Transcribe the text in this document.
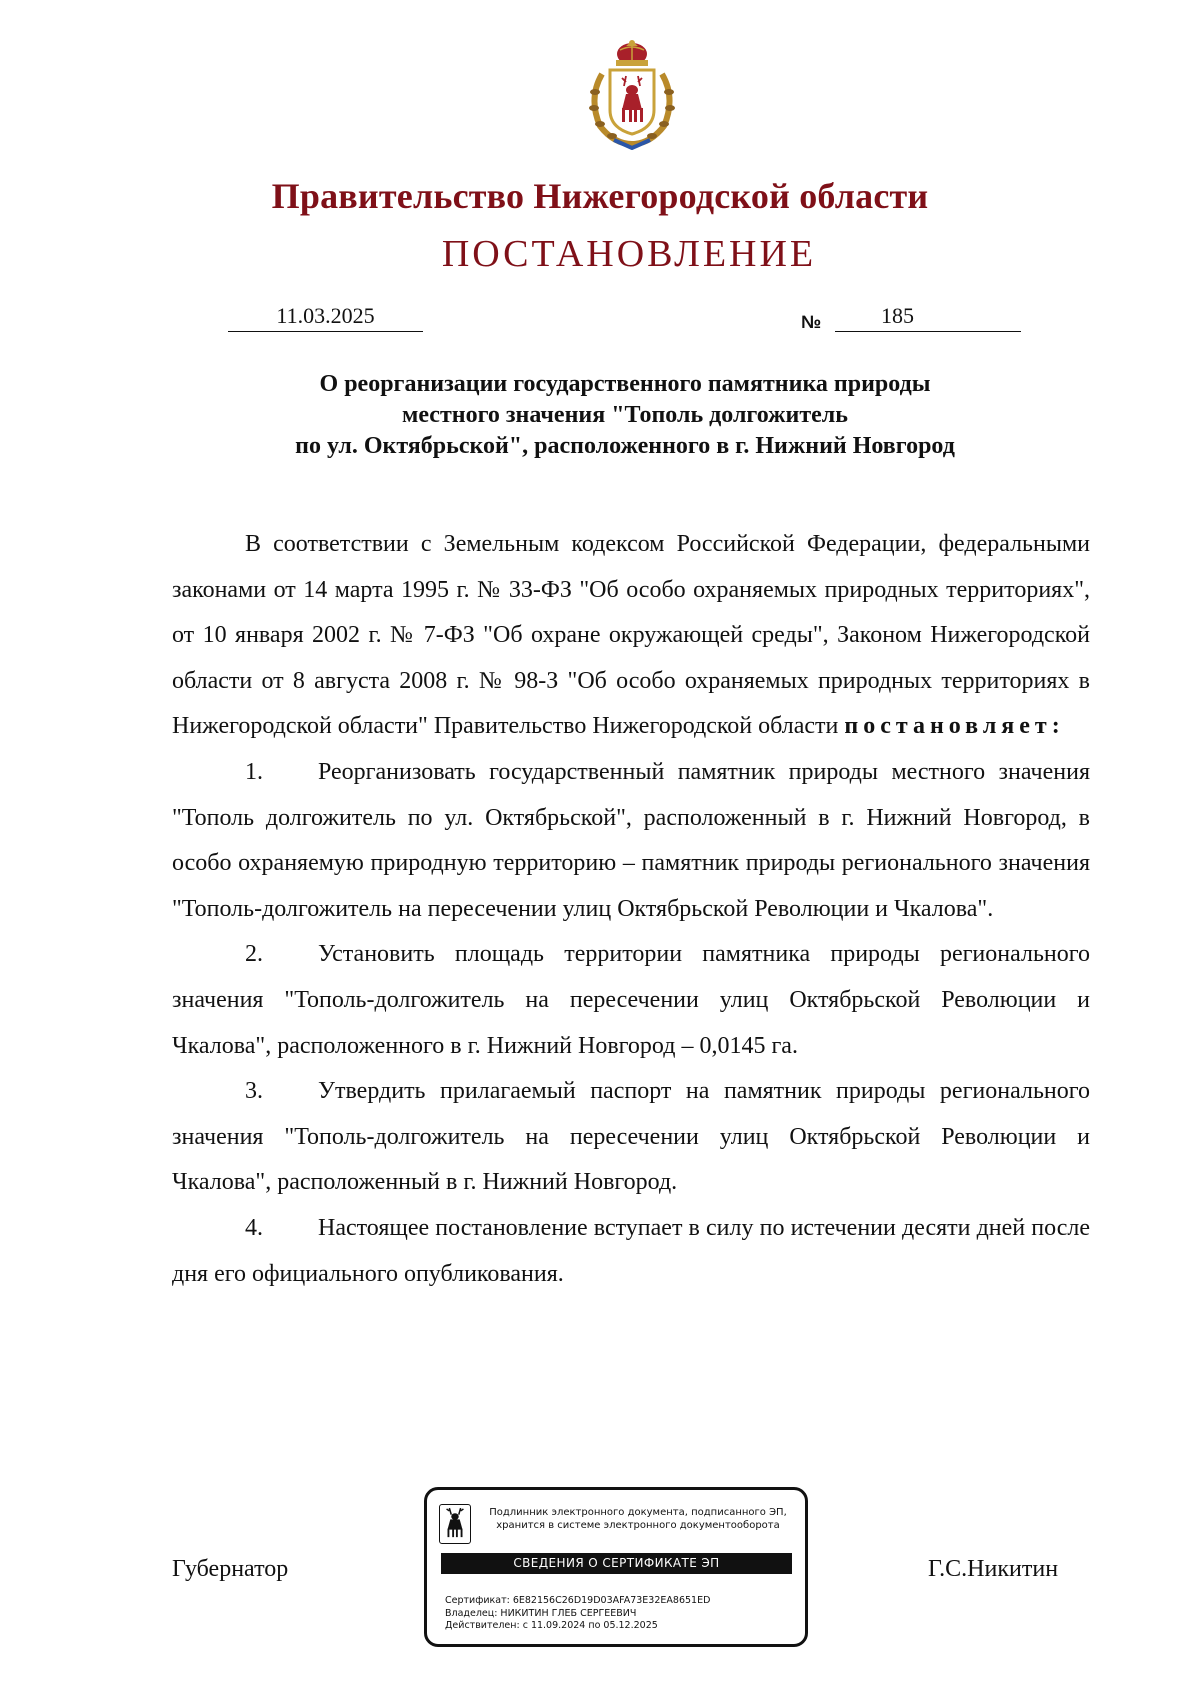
Правительство Нижегородской области
ПОСТАНОВЛЕНИЕ
11.03.2025	№	185
О реорганизации государственного памятника природы
местного значения "Тополь долгожитель
по ул. Октябрьской", расположенного в г. Нижний Новгород

В соответствии с Земельным кодексом Российской Федерации, федеральными законами от 14 марта 1995 г. № 33-ФЗ "Об особо охраняемых природных территориях", от 10 января 2002 г. № 7-ФЗ "Об охране окружающей среды", Законом Нижегородской области от 8 августа 2008 г. № 98-З "Об особо охраняемых природных территориях в Нижегородской области" Правительство Нижегородской области постановляет:

1. Реорганизовать государственный памятник природы местного значения "Тополь долгожитель по ул. Октябрьской", расположенный в г. Нижний Новгород, в особо охраняемую природную территорию – памятник природы регионального значения "Тополь-долгожитель на пересечении улиц Октябрьской Революции и Чкалова".

2. Установить площадь территории памятника природы регионального значения "Тополь-долгожитель на пересечении улиц Октябрьской Революции и Чкалова", расположенного в г. Нижний Новгород – 0,0145 га.

3. Утвердить прилагаемый паспорт на памятник природы регионального значения "Тополь-долгожитель на пересечении улиц Октябрьской Революции и Чкалова", расположенный в г. Нижний Новгород.

4. Настоящее постановление вступает в силу по истечении десяти дней после дня его официального опубликования.

Губернатор	Г.С.Никитин
Подлинник электронного документа, подписанного ЭП,
хранится в системе электронного документооборота
СВЕДЕНИЯ О СЕРТИФИКАТЕ ЭП
Сертификат: 6E82156C26D19D03AFA73E32EA8651ED
Владелец: НИКИТИН ГЛЕБ СЕРГЕЕВИЧ
Действителен: с 11.09.2024 по 05.12.2025
